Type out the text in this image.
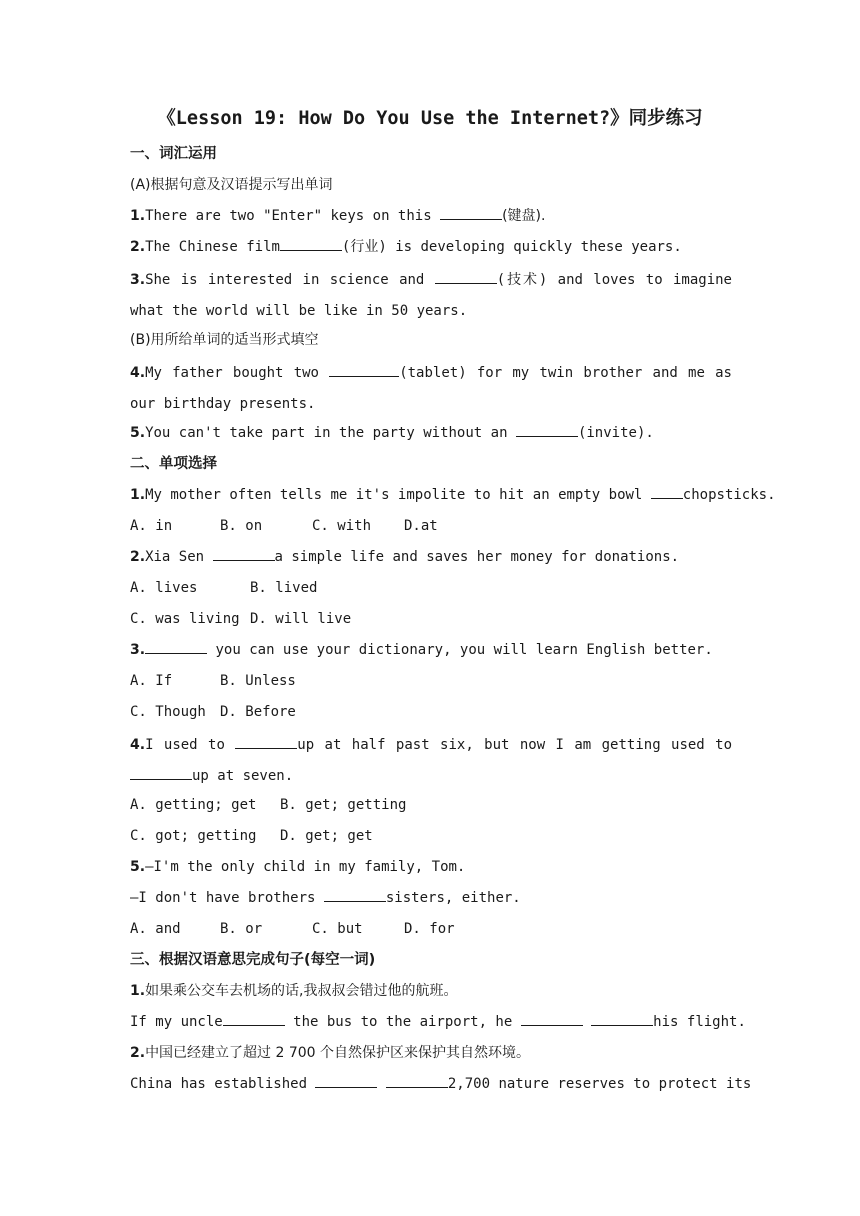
《Lesson 19: How Do You Use the Internet?》同步练习
一、词汇运用
(A)根据句意及汉语提示写出单词
1.There are two "Enter" keys on this	(键盘).
2.The Chinese film	(行业) is developing quickly these years.
3.She is interested in science and	(技术) and loves to imagine what the world will be like in 50 years.
(B)用所给单词的适当形式填空
4.My father bought two	(tablet) for my twin brother and me as our birthday presents.
5.You can't take part in the party without an	(invite).
二、单项选择
1.My mother often tells me it's impolite to hit an empty bowl chopsticks.
A. in	B. on	C. with D.at
2.Xia Sen	a simple life and saves her money for donations.
A. lives	B. lived
C. was living D. will live
3.	you can use your dictionary, you will learn English better.
A. If	B. Unless
C. Though D. Before
4.I used to	up at half past six, but now I am getting used to up at seven.
A. getting; get B. get; getting
C. got; getting D. get; get
5.—I'm the only child in my family, Tom.
—I don't have brothers	sisters, either.
A. and	B. or	C. but	D. for
三、根据汉语意思完成句子(每空一词)
1.如果乘公交车去机场的话,我叔叔会错过他的航班。
If my uncle	the bus to the airport, he	his flight.
2.中国已经建立了超过 2 700 个自然保护区来保护其自然环境。
China has established	2,700 nature reserves to protect its
